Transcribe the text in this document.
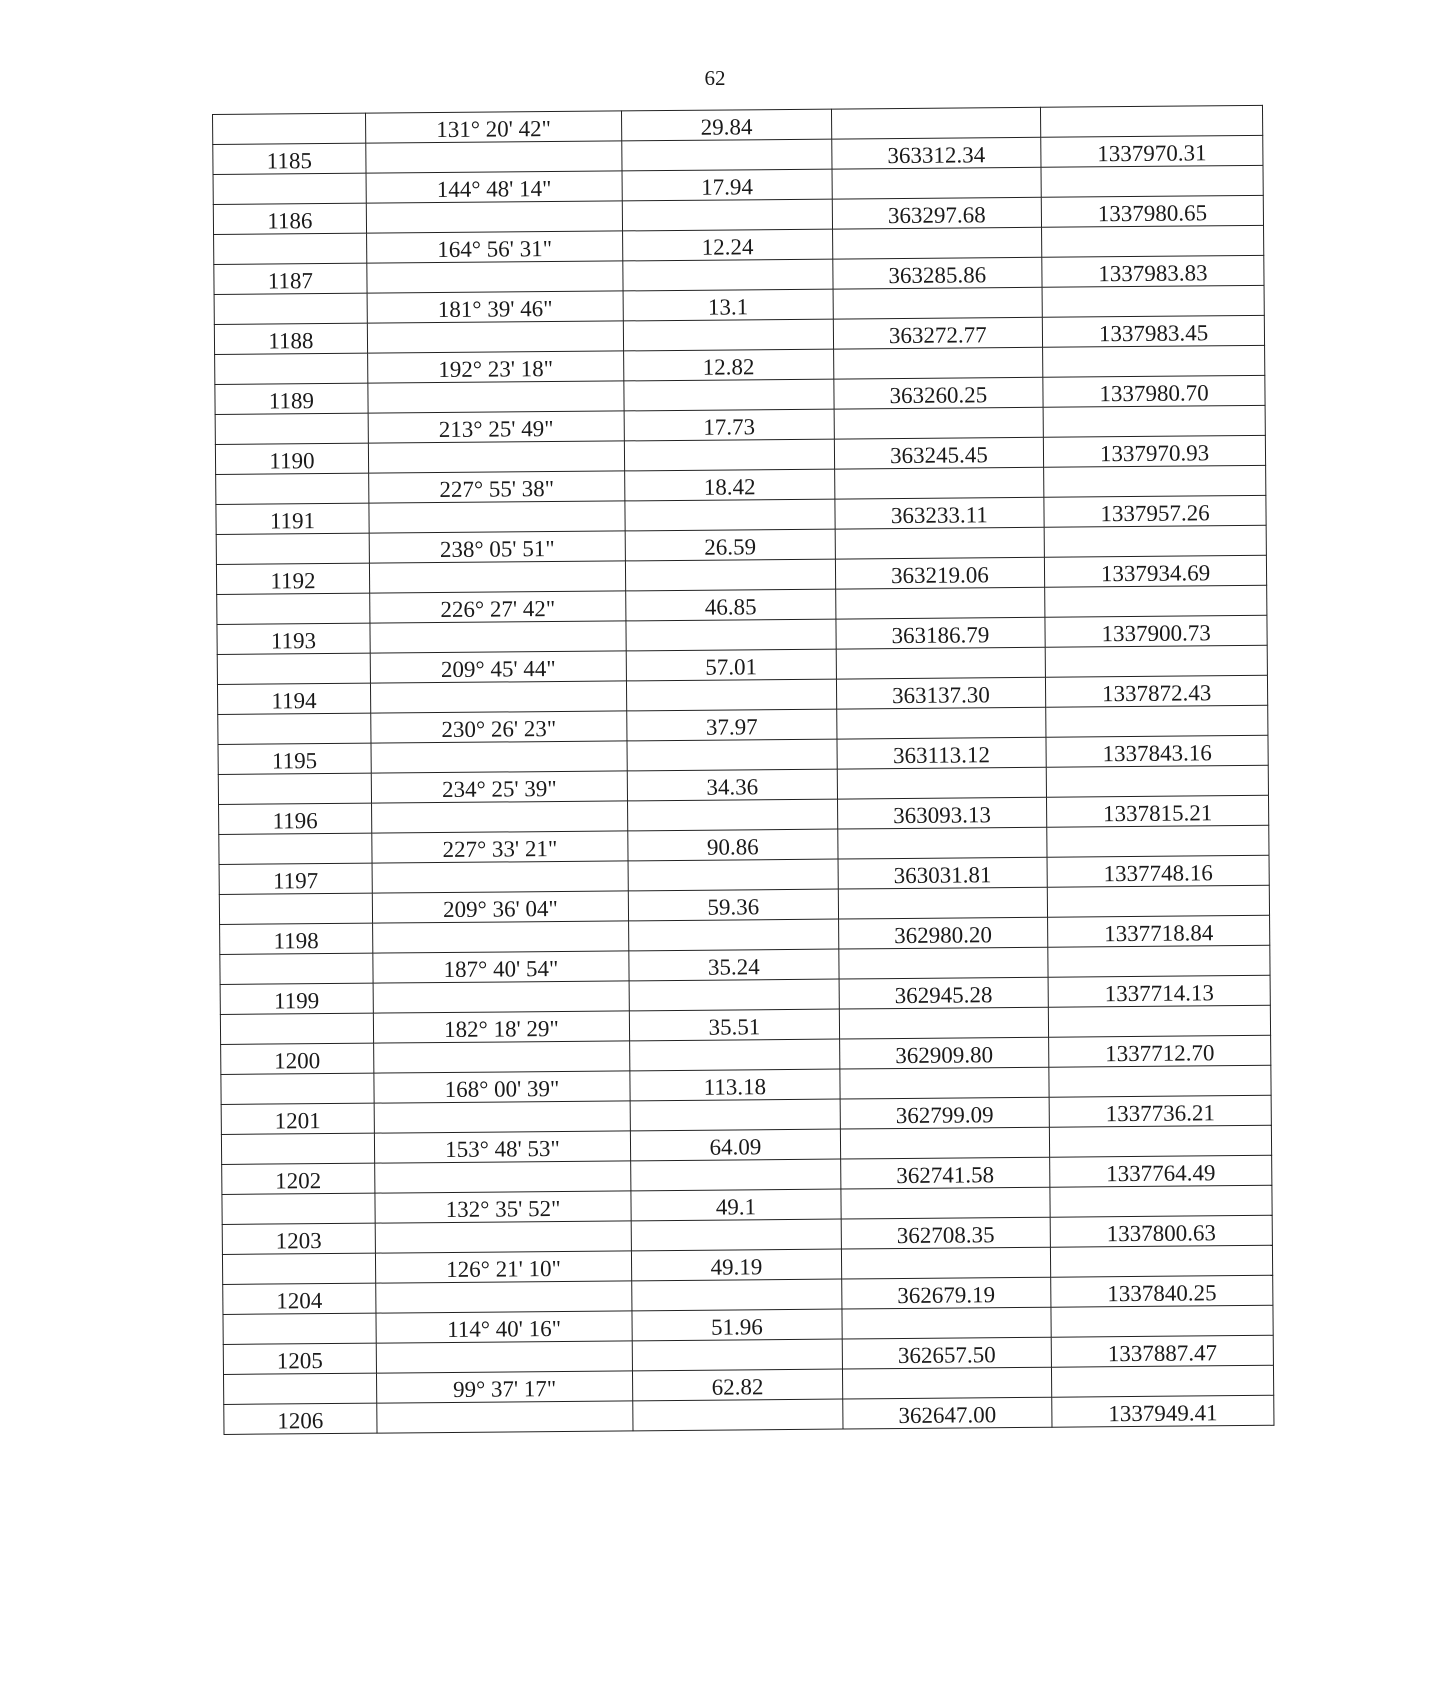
62
	131° 20' 42"	29.84		
1185			363312.34	1337970.31
	144° 48' 14"	17.94		
1186			363297.68	1337980.65
	164° 56' 31"	12.24		
1187			363285.86	1337983.83
	181° 39' 46"	13.1		
1188			363272.77	1337983.45
	192° 23' 18"	12.82		
1189			363260.25	1337980.70
	213° 25' 49"	17.73		
1190			363245.45	1337970.93
	227° 55' 38"	18.42		
1191			363233.11	1337957.26
	238° 05' 51"	26.59		
1192			363219.06	1337934.69
	226° 27' 42"	46.85		
1193			363186.79	1337900.73
	209° 45' 44"	57.01		
1194			363137.30	1337872.43
	230° 26' 23"	37.97		
1195			363113.12	1337843.16
	234° 25' 39"	34.36		
1196			363093.13	1337815.21
	227° 33' 21"	90.86		
1197			363031.81	1337748.16
	209° 36' 04"	59.36		
1198			362980.20	1337718.84
	187° 40' 54"	35.24		
1199			362945.28	1337714.13
	182° 18' 29"	35.51		
1200			362909.80	1337712.70
	168° 00' 39"	113.18		
1201			362799.09	1337736.21
	153° 48' 53"	64.09		
1202			362741.58	1337764.49
	132° 35' 52"	49.1		
1203			362708.35	1337800.63
	126° 21' 10"	49.19		
1204			362679.19	1337840.25
	114° 40' 16"	51.96		
1205			362657.50	1337887.47
	99° 37' 17"	62.82		
1206			362647.00	1337949.41
